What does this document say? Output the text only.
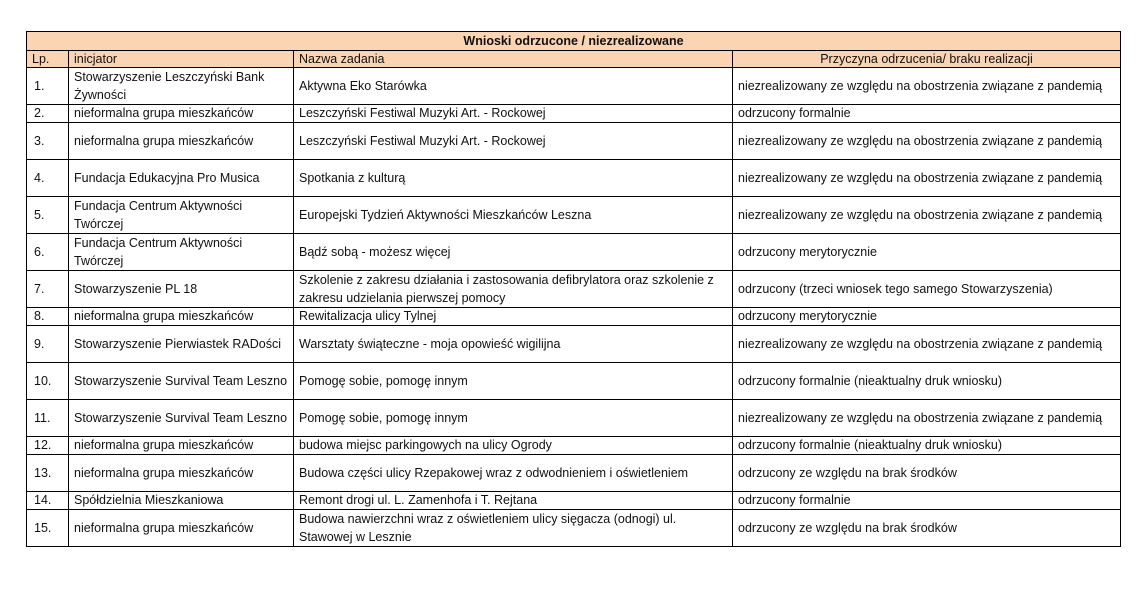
Wnioski odrzucone / niezrealizowane			
Lp.	inicjator	Nazwa zadania	Przyczyna odrzucenia/ braku realizacji
1.	Stowarzyszenie Leszczyński Bank Żywności	Aktywna Eko Starówka	niezrealizowany ze względu na obostrzenia związane z pandemią
2.	nieformalna grupa mieszkańców	Leszczyński Festiwal Muzyki Art. - Rockowej	odrzucony formalnie
3.	nieformalna grupa mieszkańców	Leszczyński Festiwal Muzyki Art. - Rockowej	niezrealizowany ze względu na obostrzenia związane z pandemią
4.	Fundacja Edukacyjna Pro Musica	Spotkania z kulturą	niezrealizowany ze względu na obostrzenia związane z pandemią
5.	Fundacja Centrum Aktywności Twórczej	Europejski Tydzień Aktywności Mieszkańców Leszna	niezrealizowany ze względu na obostrzenia związane z pandemią
6.	Fundacja Centrum Aktywności Twórczej	Bądź sobą - możesz więcej	odrzucony merytorycznie
7.	Stowarzyszenie PL 18	Szkolenie z zakresu działania i zastosowania defibrylatora oraz szkolenie z zakresu udzielania pierwszej pomocy	odrzucony (trzeci wniosek tego samego Stowarzyszenia)
8.	nieformalna grupa mieszkańców	Rewitalizacja ulicy Tylnej	odrzucony merytorycznie
9.	Stowarzyszenie Pierwiastek RADości	Warsztaty świąteczne - moja opowieść wigilijna	niezrealizowany ze względu na obostrzenia związane z pandemią
10.	Stowarzyszenie Survival Team Leszno	Pomogę sobie, pomogę innym	odrzucony formalnie (nieaktualny druk wniosku)
11.	Stowarzyszenie Survival Team Leszno	Pomogę sobie, pomogę innym	niezrealizowany ze względu na obostrzenia związane z pandemią
12.	nieformalna grupa mieszkańców	budowa miejsc parkingowych na ulicy Ogrody	odrzucony formalnie (nieaktualny druk wniosku)
13.	nieformalna grupa mieszkańców	Budowa części ulicy Rzepakowej wraz z odwodnieniem i oświetleniem	odrzucony ze względu na brak środków
14.	Spółdzielnia Mieszkaniowa	Remont drogi ul. L. Zamenhofa i T. Rejtana	odrzucony formalnie
15.	nieformalna grupa mieszkańców	Budowa nawierzchni wraz z oświetleniem ulicy sięgacza (odnogi) ul. Stawowej w Lesznie	odrzucony ze względu na brak środków
